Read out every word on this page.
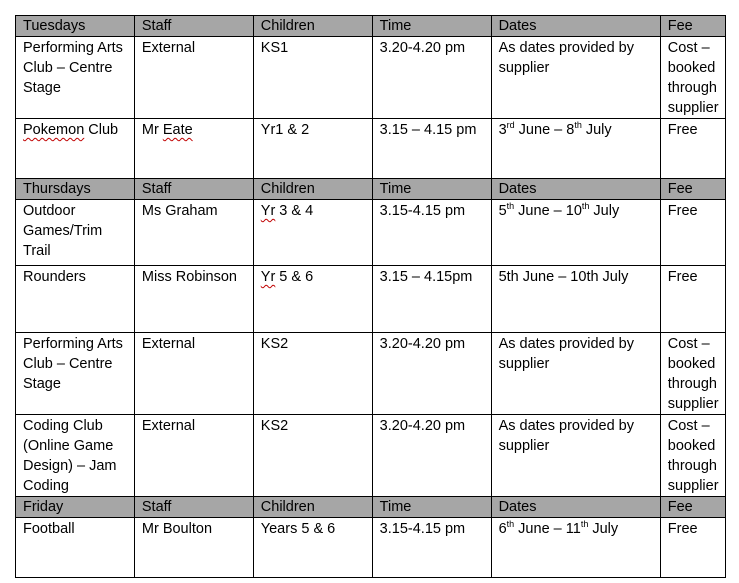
Tuesdays	Staff	Children	Time	Dates	Fee
Performing Arts Club – Centre Stage	External	KS1	3.20-4.20 pm	As dates provided by supplier	Cost – booked through supplier
Pokemon Club	Mr Eate	Yr1 & 2	3.15 – 4.15 pm	3rd June – 8th July	Free
Thursdays	Staff	Children	Time	Dates	Fee
Outdoor Games/Trim Trail	Ms Graham	Yr 3 & 4	3.15-4.15 pm	5th June – 10th July	Free
Rounders	Miss Robinson	Yr 5 & 6	3.15 – 4.15pm	5th June – 10th July	Free
Performing Arts Club – Centre Stage	External	KS2	3.20-4.20 pm	As dates provided by supplier	Cost – booked through supplier
Coding Club (Online Game Design) – Jam Coding	External	KS2	3.20-4.20 pm	As dates provided by supplier	Cost – booked through supplier
Friday	Staff	Children	Time	Dates	Fee
Football	Mr Boulton	Years 5 & 6	3.15-4.15 pm	6th June – 11th July	Free
